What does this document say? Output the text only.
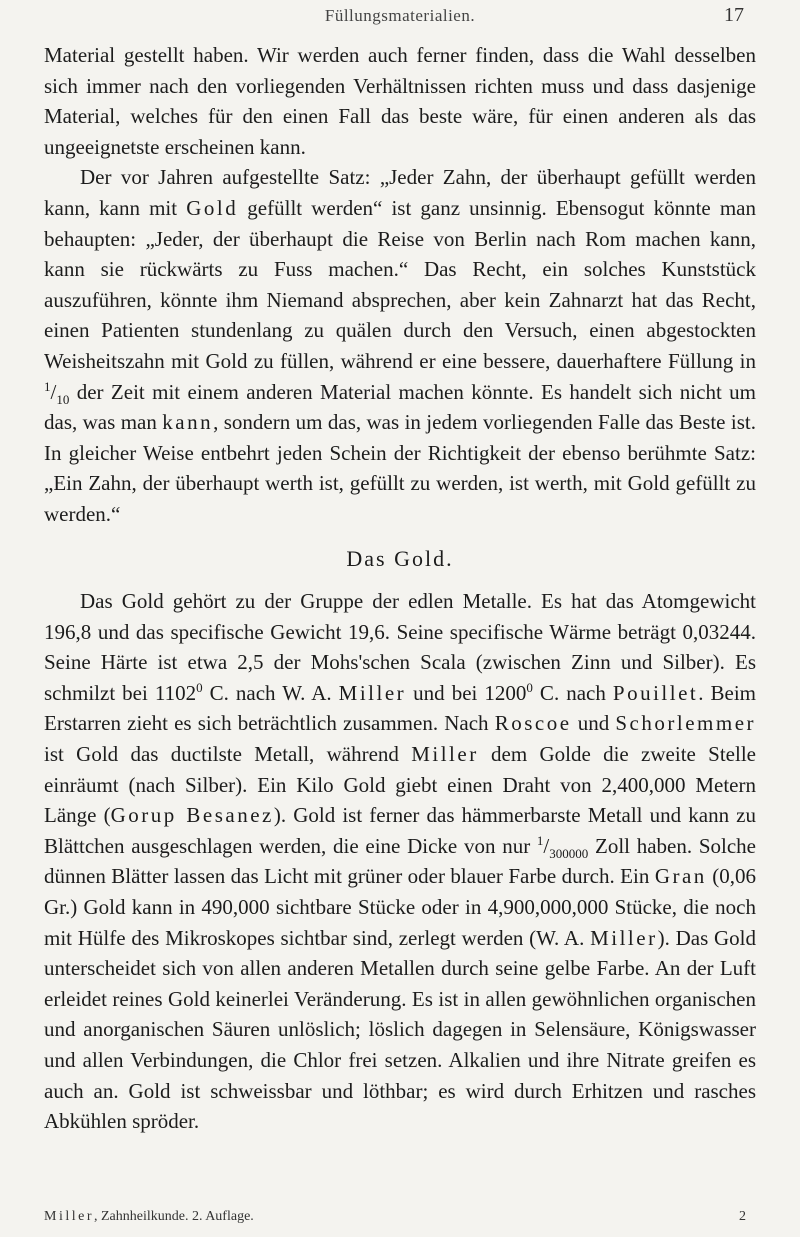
Füllungsmaterialien.	17

Material gestellt haben. Wir werden auch ferner finden, dass die Wahl desselben sich immer nach den vorliegenden Verhältnissen richten muss und dass dasjenige Material, welches für den einen Fall das beste wäre, für einen anderen als das ungeeignetste erscheinen kann.

Der vor Jahren aufgestellte Satz: „Jeder Zahn, der überhaupt gefüllt werden kann, kann mit Gold gefüllt werden“ ist ganz unsinnig. Ebensogut könnte man behaupten: „Jeder, der überhaupt die Reise von Berlin nach Rom machen kann, kann sie rückwärts zu Fuss machen.“ Das Recht, ein solches Kunststück auszuführen, könnte ihm Niemand absprechen, aber kein Zahnarzt hat das Recht, einen Patienten stundenlang zu quälen durch den Versuch, einen abgestockten Weisheitszahn mit Gold zu füllen, während er eine bessere, dauerhaftere Füllung in $^1/_{10}$ der Zeit mit einem anderen Material machen könnte. Es handelt sich nicht um das, was man kann, sondern um das, was in jedem vorliegenden Falle das Beste ist. In gleicher Weise entbehrt jeden Schein der Richtigkeit der ebenso berühmte Satz: „Ein Zahn, der überhaupt werth ist, gefüllt zu werden, ist werth, mit Gold gefüllt zu werden.“

Das Gold.

Das Gold gehört zu der Gruppe der edlen Metalle. Es hat das Atomgewicht 196,8 und das specifische Gewicht 19,6. Seine specifische Wärme beträgt 0,03244. Seine Härte ist etwa 2,5 der Mohs'schen Scala (zwischen Zinn und Silber). Es schmilzt bei 1102$^0$ C. nach W. A. Miller und bei 1200$^0$ C. nach Pouillet. Beim Erstarren zieht es sich beträchtlich zusammen. Nach Roscoe und Schorlemmer ist Gold das ductilste Metall, während Miller dem Golde die zweite Stelle einräumt (nach Silber). Ein Kilo Gold giebt einen Draht von 2,400,000 Metern Länge (Gorup Besanez). Gold ist ferner das hämmerbarste Metall und kann zu Blättchen ausgeschlagen werden, die eine Dicke von nur $^1/_{300000}$ Zoll haben. Solche dünnen Blätter lassen das Licht mit grüner oder blauer Farbe durch. Ein Gran (0,06 Gr.) Gold kann in 490,000 sichtbare Stücke oder in 4,900,000,000 Stücke, die noch mit Hülfe des Mikroskopes sichtbar sind, zerlegt werden (W. A. Miller). Das Gold unterscheidet sich von allen anderen Metallen durch seine gelbe Farbe. An der Luft erleidet reines Gold keinerlei Veränderung. Es ist in allen gewöhnlichen organischen und anorganischen Säuren unlöslich; löslich dagegen in Selensäure, Königswasser und allen Verbindungen, die Chlor frei setzen. Alkalien und ihre Nitrate greifen es auch an. Gold ist schweissbar und löthbar; es wird durch Erhitzen und rasches Abkühlen spröder.

Miller, Zahnheilkunde. 2. Auflage.	2
